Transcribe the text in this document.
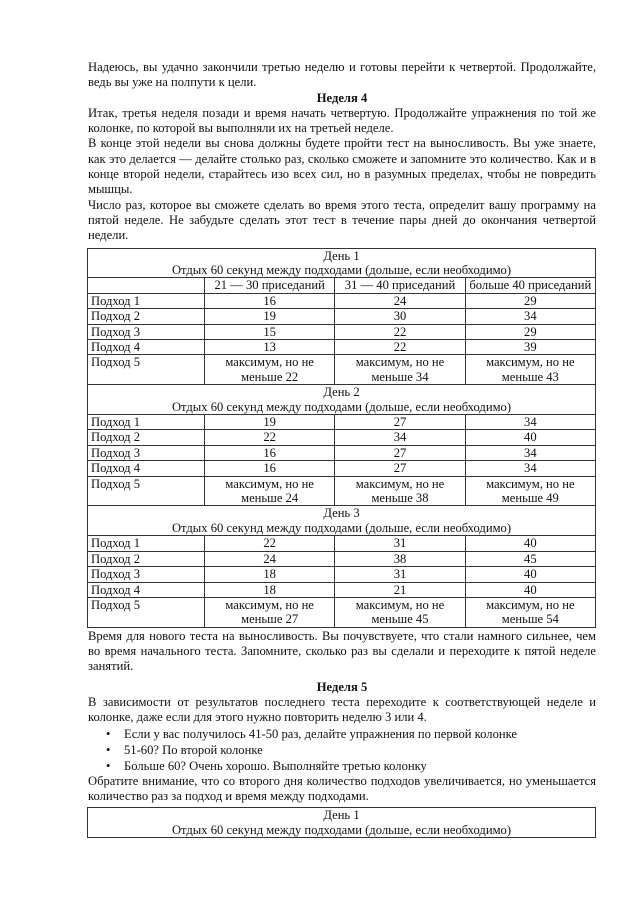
Надеюсь, вы удачно закончили третью неделю и готовы перейти к четвертой. Продолжайте, ведь вы уже на полпути к цели.

Неделя 4

Итак, третья неделя позади и время начать четвертую. Продолжайте упражнения по той же колонке, по которой вы выполняли их на третьей неделе.

В конце этой недели вы снова должны будете пройти тест на выносливость. Вы уже знаете, как это делается — делайте столько раз, сколько сможете и запомните это количество. Как и в конце второй недели, старайтесь изо всех сил, но в разумных пределах, чтобы не повредить мышцы.

Число раз, которое вы сможете сделать во время этого теста, определит вашу программу на пятой неделе. Не забудьте сделать этот тест в течение пары дней до окончания четвертой недели.

День 1
Отдых 60 секунд между подходами (дольше, если необходимо)			

	21 — 30 приседаний	31 — 40 приседаний	больше 40 приседаний
Подход 1	16	24	29
Подход 2	19	30	34
Подход 3	15	22	29
Подход 4	13	22	39
Подход 5	максимум, но не меньше 22	максимум, но не меньше 34	максимум, но не меньше 43

День 2
Отдых 60 секунд между подходами (дольше, если необходимо)			

Подход 1	19	27	34
Подход 2	22	34	40
Подход 3	16	27	34
Подход 4	16	27	34
Подход 5	максимум, но не меньше 24	максимум, но не меньше 38	максимум, но не меньше 49

День 3
Отдых 60 секунд между подходами (дольше, если необходимо)			

Подход 1	22	31	40
Подход 2	24	38	45
Подход 3	18	31	40
Подход 4	18	21	40
Подход 5	максимум, но не меньше 27	максимум, но не меньше 45	максимум, но не меньше 54

Время для нового теста на выносливость. Вы почувствуете, что стали намного сильнее, чем во время начального теста. Запомните, сколько раз вы сделали и переходите к пятой неделе занятий.

Неделя 5

В зависимости от результатов последнего теста переходите к соответствующей неделе и колонке, даже если для этого нужно повторить неделю 3 или 4.

• Если у вас получилось 41-50 раз, делайте упражнения по первой колонке
• 51-60? По второй колонке
• Больше 60? Очень хорошо. Выполняйте третью колонку

Обратите внимание, что со второго дня количество подходов увеличивается, но уменьшается количество раз за подход и время между подходами.

День 1
Отдых 60 секунд между подходами (дольше, если необходимо)
